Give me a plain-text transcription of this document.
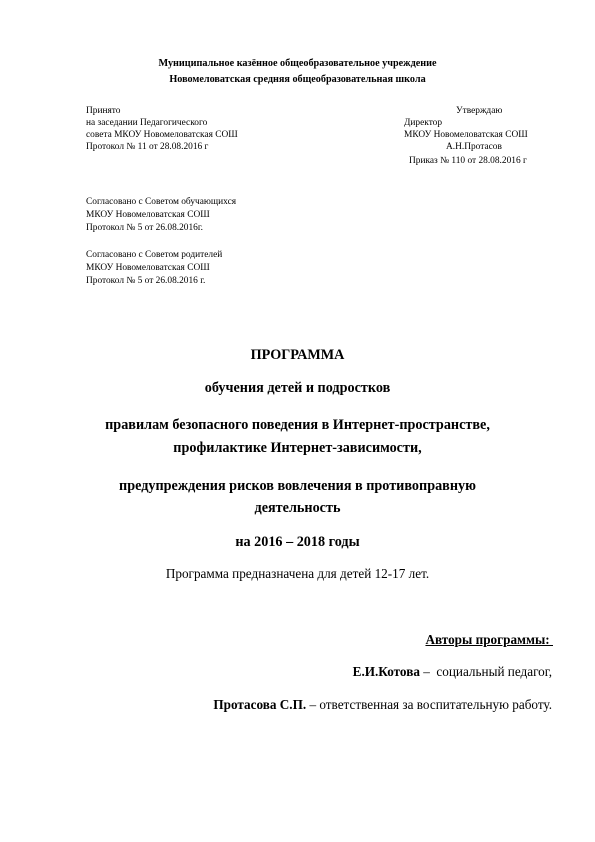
Муниципальное казённое общеобразовательное учреждение
Новомеловатская средняя общеобразовательная школа
Принято
на заседании Педагогического
совета МКОУ Новомеловатская СОШ
Протокол № 11 от 28.08.2016 г
Утверждаю
Директор
МКОУ Новомеловатская СОШ
А.Н.Протасов
Приказ № 110 от 28.08.2016 г
Согласовано с Советом обучающихся
МКОУ Новомеловатская СОШ
Протокол № 5 от 26.08.2016г.
Согласовано с Советом родителей
МКОУ Новомеловатская СОШ
Протокол № 5 от 26.08.2016 г.
ПРОГРАММА
обучения детей и подростков
правилам безопасного поведения в Интернет-пространстве,
профилактике Интернет-зависимости,
предупреждения рисков вовлечения в противоправную
деятельность
на 2016 – 2018 годы
Программа предназначена для детей 12-17 лет.
Авторы программы:
Е.И.Котова –  социальный педагог,
Протасова С.П. – ответственная за воспитательную работу.
